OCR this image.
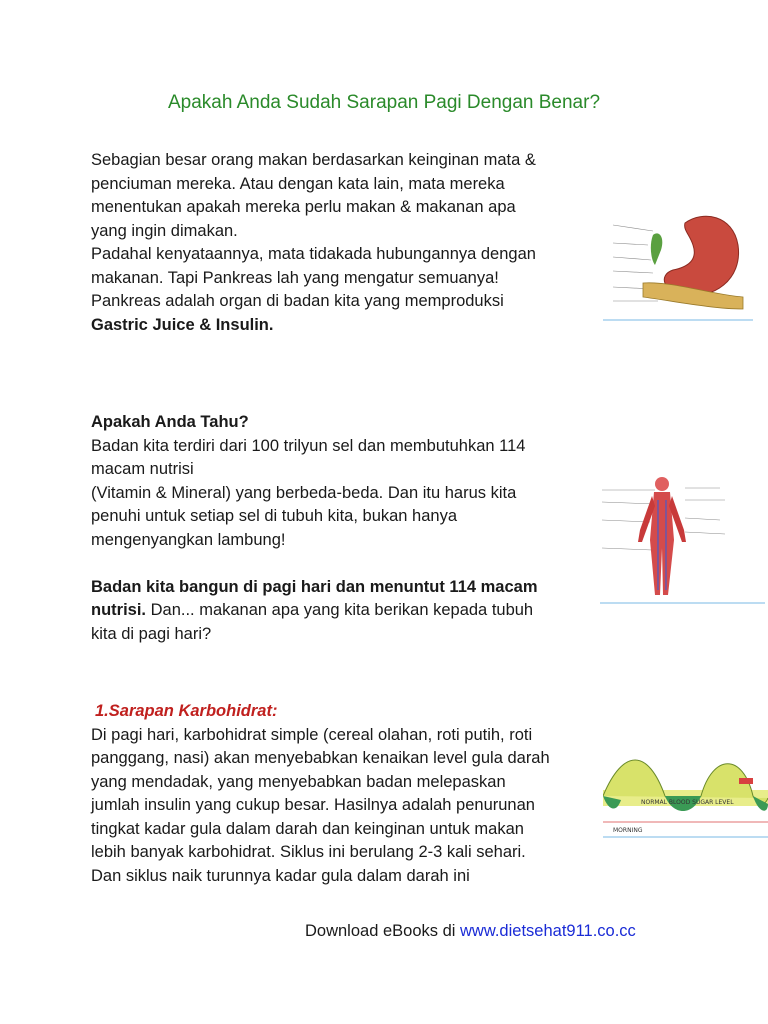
Apakah Anda Sudah Sarapan Pagi Dengan Benar?
Sebagian besar orang makan berdasarkan keinginan mata &
penciuman mereka. Atau dengan kata lain, mata mereka
menentukan apakah mereka perlu makan & makanan apa
yang ingin dimakan.
Padahal kenyataannya, mata tidakada hubungannya dengan
makanan. Tapi Pankreas lah yang mengatur semuanya!
Pankreas adalah organ di badan kita yang memproduksi
Gastric Juice & Insulin.
Apakah Anda Tahu?
Badan kita terdiri dari 100 trilyun sel dan membutuhkan 114
macam nutrisi
(Vitamin & Mineral) yang berbeda-beda. Dan itu harus kita
penuhi untuk setiap sel di tubuh kita, bukan hanya
mengenyangkan lambung!
Badan kita bangun di pagi hari dan menuntut 114 macam
nutrisi. Dan... makanan apa yang kita berikan kepada tubuh
kita di pagi hari?
1.Sarapan Karbohidrat:
Di pagi hari, karbohidrat simple (cereal olahan, roti putih, roti
panggang, nasi) akan menyebabkan kenaikan level gula darah
yang mendadak, yang menyebabkan badan melepaskan
jumlah insulin yang cukup besar. Hasilnya adalah penurunan
tingkat kadar gula dalam darah dan keinginan untuk makan
lebih banyak karbohidrat. Siklus ini berulang 2-3 kali sehari.
Dan siklus naik turunnya kadar gula dalam darah ini
Download eBooks di www.dietsehat911.co.cc
NORMAL BLOOD SUGAR LEVEL
MORNING
